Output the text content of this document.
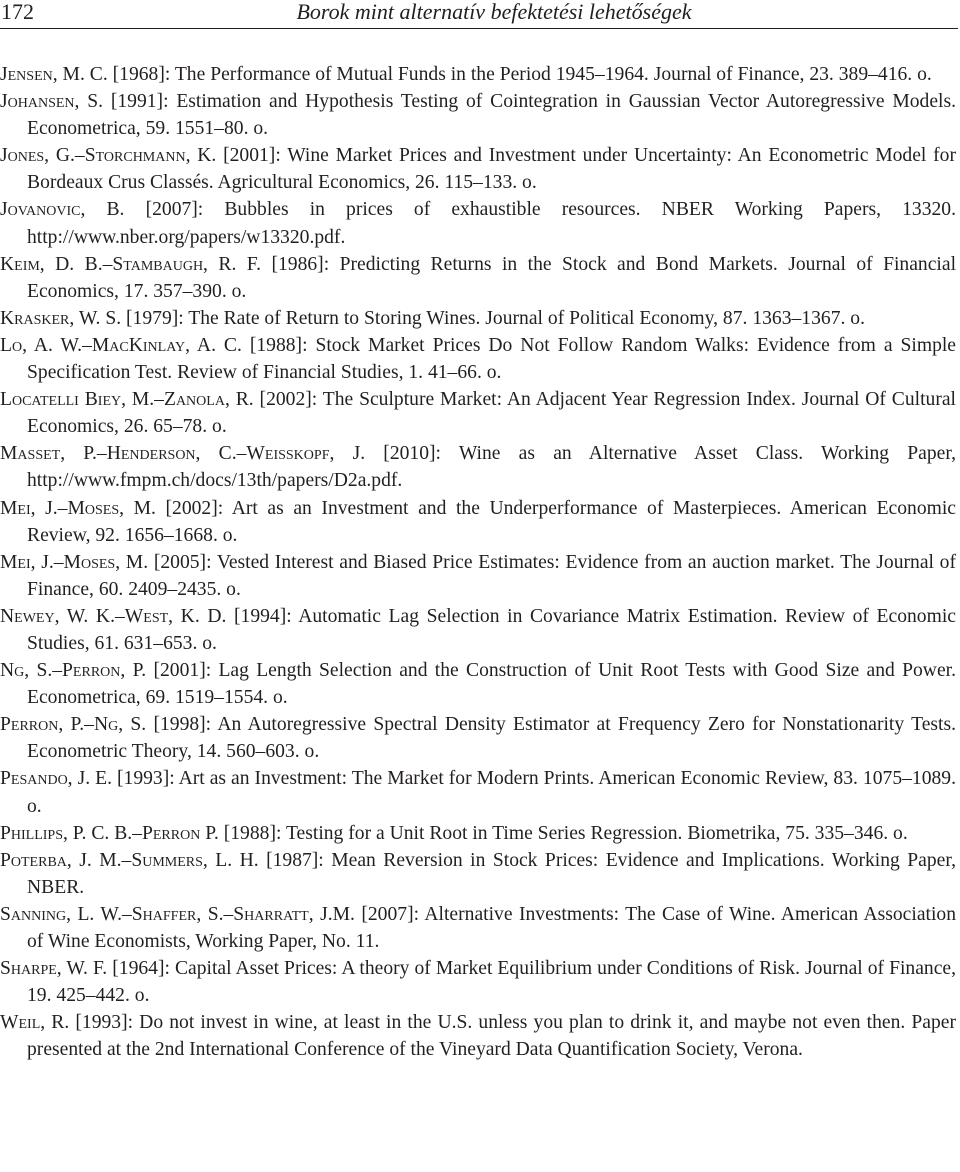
172	Borok mint alternatív befektetési lehetőségek

Jensen, M. C. [1968]: The Performance of Mutual Funds in the Period 1945–1964. Journal of Finance, 23. 389–416. o.

Johansen, S. [1991]: Estimation and Hypothesis Testing of Cointegration in Gaussian Vector Autoregressive Models. Econometrica, 59. 1551–80. o.

Jones, G.–Storchmann, K. [2001]: Wine Market Prices and Investment under Uncertainty: An Econometric Model for Bordeaux Crus Classés. Agricultural Economics, 26. 115–133. o.

Jovanovic, B. [2007]: Bubbles in prices of exhaustible resources. NBER Working Papers, 13320. http://www.nber.org/papers/w13320.pdf.

Keim, D. B.–Stambaugh, R. F. [1986]: Predicting Returns in the Stock and Bond Markets. Journal of Financial Economics, 17. 357–390. o.

Krasker, W. S. [1979]: The Rate of Return to Storing Wines. Journal of Political Economy, 87. 1363–1367. o.

Lo, A. W.–MacKinlay, A. C. [1988]: Stock Market Prices Do Not Follow Random Walks: Evidence from a Simple Specification Test. Review of Financial Studies, 1. 41–66. o.

Locatelli Biey, M.–Zanola, R. [2002]: The Sculpture Market: An Adjacent Year Regression Index. Journal Of Cultural Economics, 26. 65–78. o.

Masset, P.–Henderson, C.–Weisskopf, J. [2010]: Wine as an Alternative Asset Class. Working Paper, http://www.fmpm.ch/docs/13th/papers/D2a.pdf.

Mei, J.–Moses, M. [2002]: Art as an Investment and the Underperformance of Masterpieces. American Economic Review, 92. 1656–1668. o.

Mei, J.–Moses, M. [2005]: Vested Interest and Biased Price Estimates: Evidence from an auction market. The Journal of Finance, 60. 2409–2435. o.

Newey, W. K.–West, K. D. [1994]: Automatic Lag Selection in Covariance Matrix Estimation. Review of Economic Studies, 61. 631–653. o.

Ng, S.–Perron, P. [2001]: Lag Length Selection and the Construction of Unit Root Tests with Good Size and Power. Econometrica, 69. 1519–1554. o.

Perron, P.–Ng, S. [1998]: An Autoregressive Spectral Density Estimator at Frequency Zero for Nonstationarity Tests. Econometric Theory, 14. 560–603. o.

Pesando, J. E. [1993]: Art as an Investment: The Market for Modern Prints. American Economic Review, 83. 1075–1089. o.

Phillips, P. C. B.–Perron P. [1988]: Testing for a Unit Root in Time Series Regression. Biometrika, 75. 335–346. o.

Poterba, J. M.–Summers, L. H. [1987]: Mean Reversion in Stock Prices: Evidence and Implications. Working Paper, NBER.

Sanning, L. W.–Shaffer, S.–Sharratt, J.M. [2007]: Alternative Investments: The Case of Wine. American Association of Wine Economists, Working Paper, No. 11.

Sharpe, W. F. [1964]: Capital Asset Prices: A theory of Market Equilibrium under Conditions of Risk. Journal of Finance, 19. 425–442. o.

Weil, R. [1993]: Do not invest in wine, at least in the U.S. unless you plan to drink it, and maybe not even then. Paper presented at the 2nd International Conference of the Vineyard Data Quantification Society, Verona.
